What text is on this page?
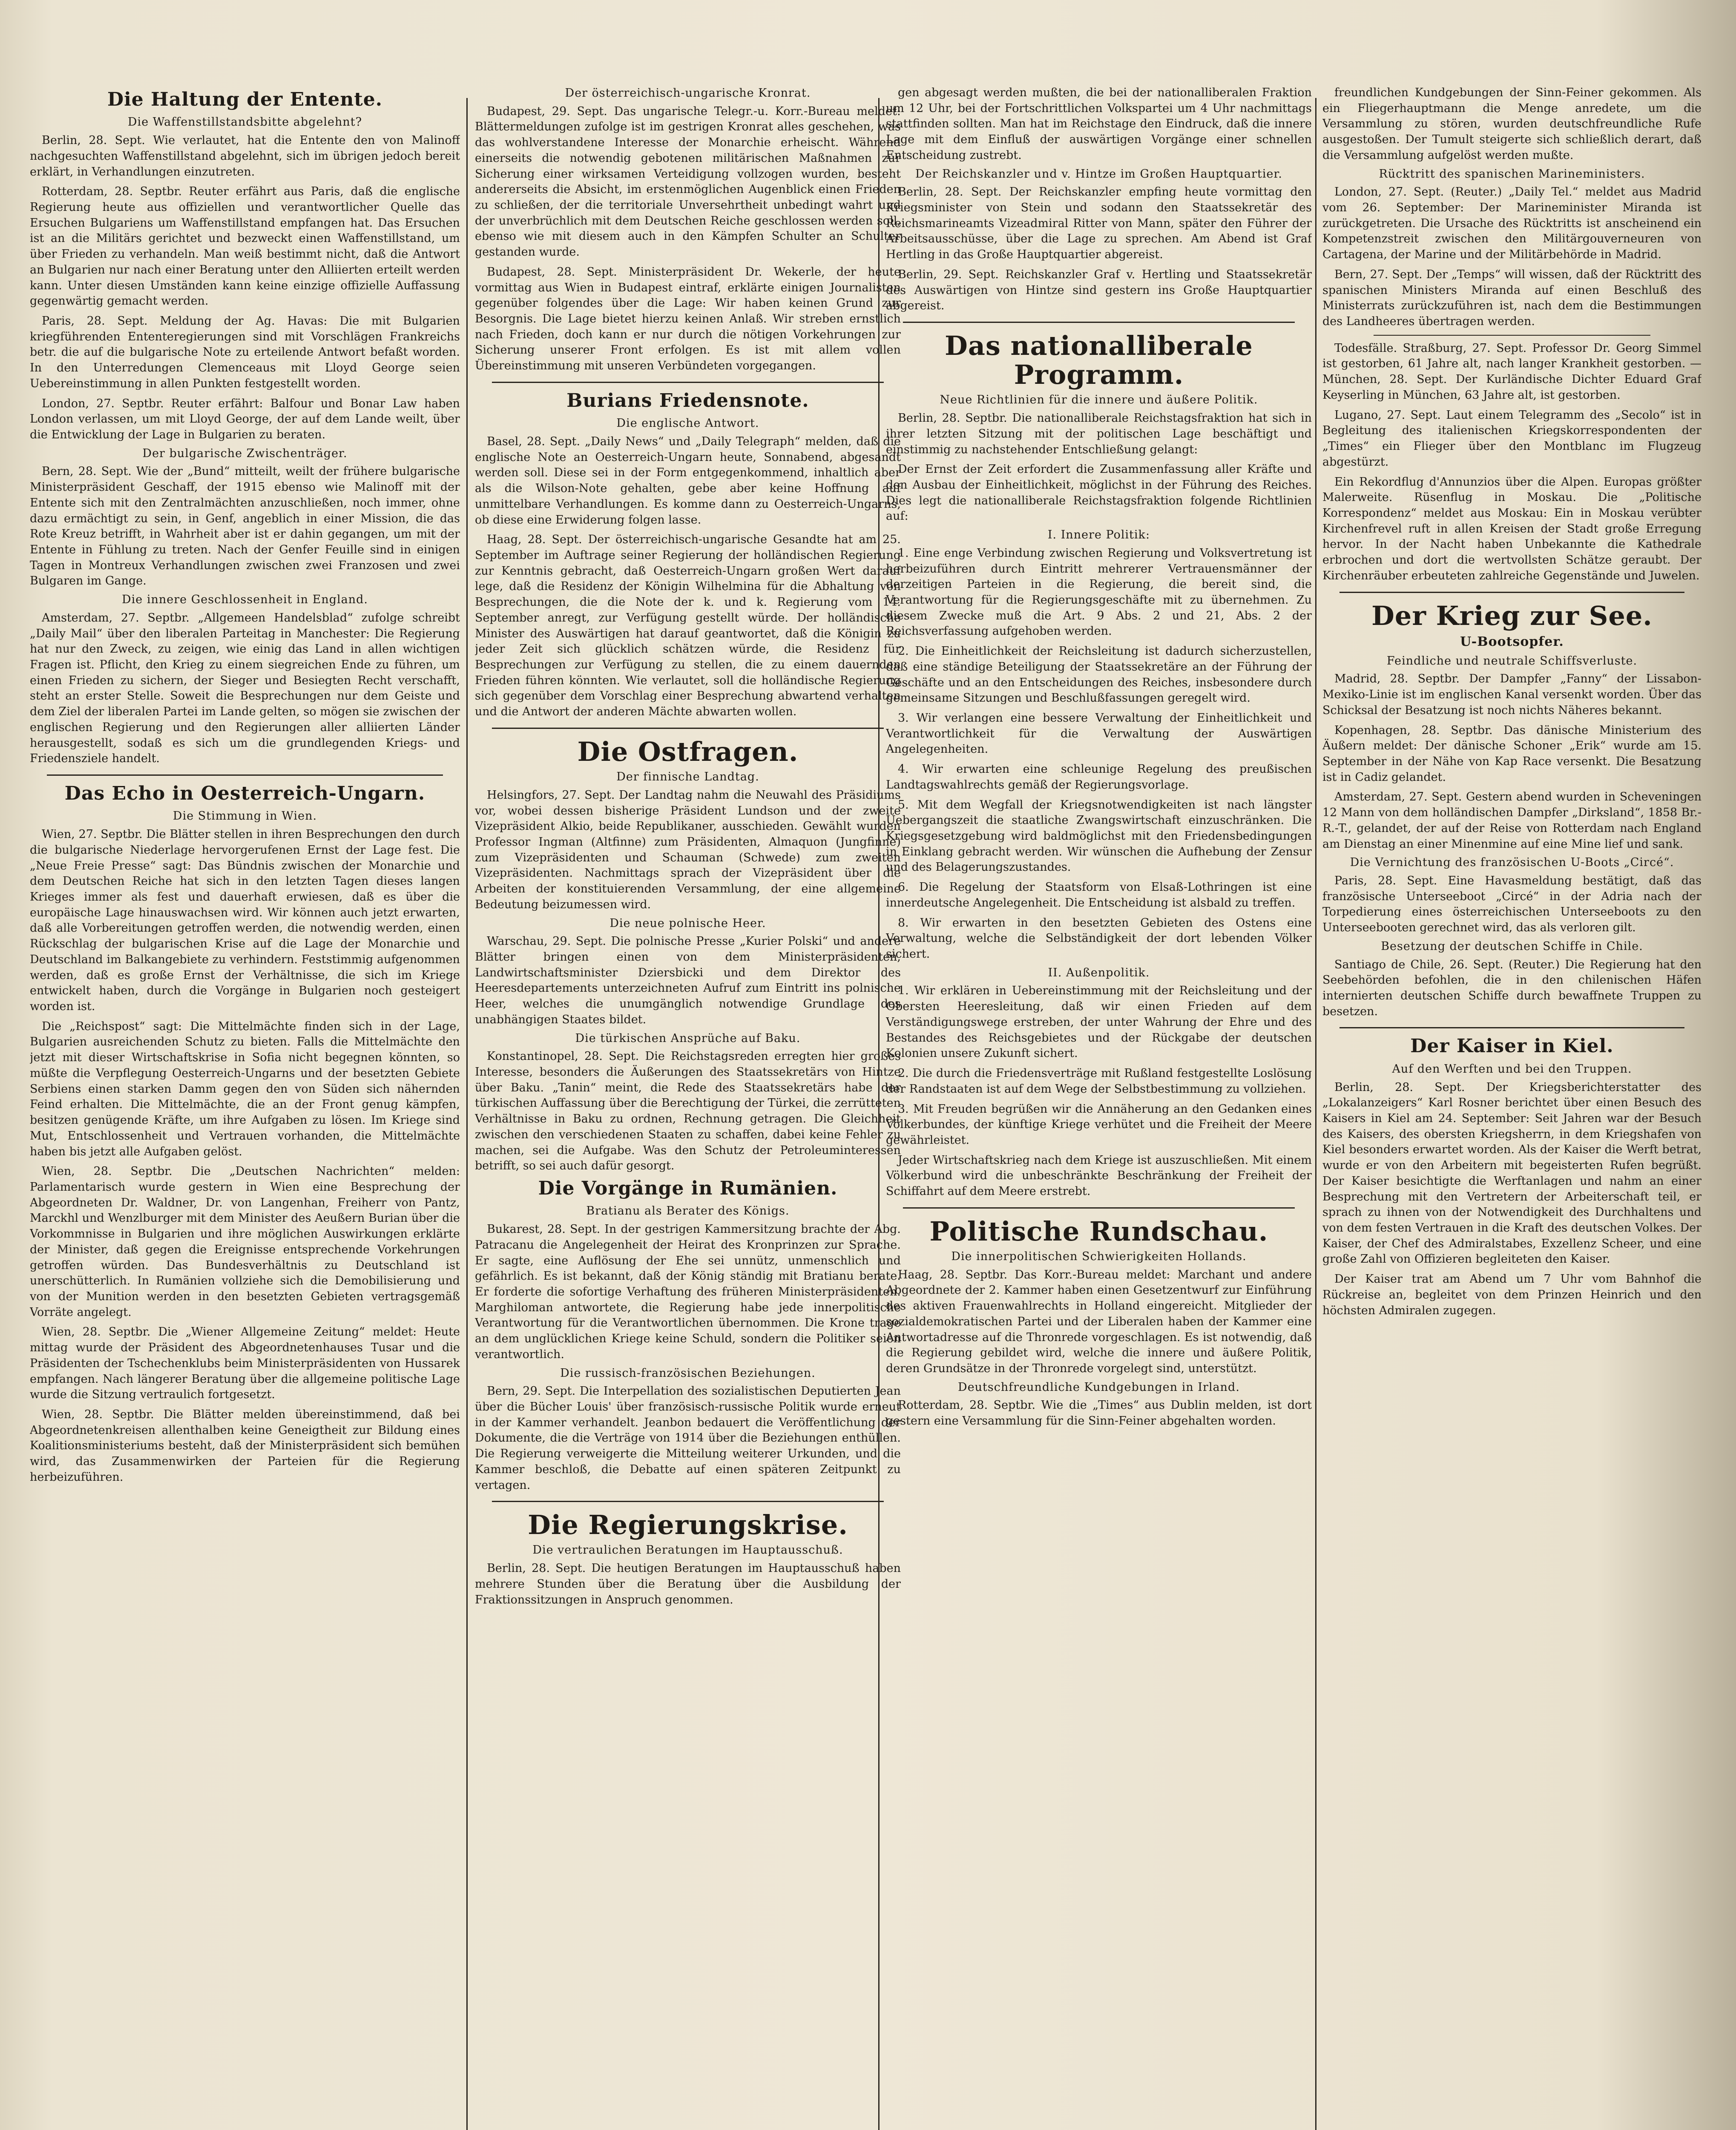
Die Haltung der Entente.
Die Waffenstillstandsbitte abgelehnt?

Berlin, 28. Sept. Wie verlautet, hat die Entente den von Malinoff nachgesuchten Waffenstillstand abgelehnt, sich im übrigen jedoch bereit erklärt, in Verhandlungen einzutreten.

Rotterdam, 28. Septbr. Reuter erfährt aus Paris, daß die englische Regierung heute aus offiziellen und verantwortlicher Quelle das Ersuchen Bulgariens um Waffenstillstand empfangen hat. Das Ersuchen ist an die Militärs gerichtet und bezweckt einen Waffenstillstand, um über Frieden zu verhandeln. Man weiß bestimmt nicht, daß die Antwort an Bulgarien nur nach einer Beratung unter den Alliierten erteilt werden kann. Unter diesen Umständen kann keine einzige offizielle Auffassung gegenwärtig gemacht werden.

Paris, 28. Sept. Meldung der Ag. Havas: Die mit Bulgarien kriegführenden Ententeregierungen sind mit Vorschlägen Frankreichs betr. die auf die bulgarische Note zu erteilende Antwort befaßt worden. In den Unterredungen Clemenceaus mit Lloyd George seien Uebereinstimmung in allen Punkten festgestellt worden.

London, 27. Septbr. Reuter erfährt: Balfour und Bonar Law haben London verlassen, um mit Lloyd George, der auf dem Lande weilt, über die Entwicklung der Lage in Bulgarien zu beraten.

Der bulgarische Zwischenträger.

Bern, 28. Sept. Wie der „Bund“ mitteilt, weilt der frühere bulgarische Ministerpräsident Geschaff, der 1915 ebenso wie Malinoff mit der Entente sich mit den Zentralmächten anzuschließen, noch immer, ohne dazu ermächtigt zu sein, in Genf, angeblich in einer Mission, die das Rote Kreuz betrifft, in Wahrheit aber ist er dahin gegangen, um mit der Entente in Fühlung zu treten. Nach der Genfer Feuille sind in einigen Tagen in Montreux Verhandlungen zwischen zwei Franzosen und zwei Bulgaren im Gange.

Die innere Geschlossenheit in England.

Amsterdam, 27. Septbr. „Allgemeen Handelsblad“ zufolge schreibt „Daily Mail“ über den liberalen Parteitag in Manchester: Die Regierung hat nur den Zweck, zu zeigen, wie einig das Land in allen wichtigen Fragen ist. Pflicht, den Krieg zu einem siegreichen Ende zu führen, um einen Frieden zu sichern, der Sieger und Besiegten Recht verschafft, steht an erster Stelle. Soweit die Besprechungen nur dem Geiste und dem Ziel der liberalen Partei im Lande gelten, so mögen sie zwischen der englischen Regierung und den Regierungen aller alliierten Länder herausgestellt, sodaß es sich um die grundlegenden Kriegs- und Friedensziele handelt.

Das Echo in Oesterreich-Ungarn.
Die Stimmung in Wien.

Wien, 27. Septbr. Die Blätter stellen in ihren Besprechungen den durch die bulgarische Niederlage hervorgerufenen Ernst der Lage fest. Die „Neue Freie Presse“ sagt: Das Bündnis zwischen der Monarchie und dem Deutschen Reiche hat sich in den letzten Tagen dieses langen Krieges immer als fest und dauerhaft erwiesen, daß es über die europäische Lage hinauswachsen wird. Wir können auch jetzt erwarten, daß alle Vorbereitungen getroffen werden, die notwendig werden, einen Rückschlag der bulgarischen Krise auf die Lage der Monarchie und Deutschland im Balkangebiete zu verhindern. Feststimmig aufgenommen werden, daß es große Ernst der Verhältnisse, die sich im Kriege entwickelt haben, durch die Vorgänge in Bulgarien noch gesteigert worden ist.

Die „Reichspost“ sagt: Die Mittelmächte finden sich in der Lage, Bulgarien ausreichenden Schutz zu bieten. Falls die Mittelmächte den jetzt mit dieser Wirtschaftskrise in Sofia nicht begegnen könnten, so müßte die Verpflegung Oesterreich-Ungarns und der besetzten Gebiete Serbiens einen starken Damm gegen den von Süden sich nähernden Feind erhalten. Die Mittelmächte, die an der Front genug kämpfen, besitzen genügende Kräfte, um ihre Aufgaben zu lösen. Im Kriege sind Mut, Entschlossenheit und Vertrauen vorhanden, die Mittelmächte haben bis jetzt alle Aufgaben gelöst.

Wien, 28. Septbr. Die „Deutschen Nachrichten“ melden: Parlamentarisch wurde gestern in Wien eine Besprechung der Abgeordneten Dr. Waldner, Dr. von Langenhan, Freiherr von Pantz, Marckhl und Wenzlburger mit dem Minister des Aeußern Burian über die Vorkommnisse in Bulgarien und ihre möglichen Auswirkungen erklärte der Minister, daß gegen die Ereignisse entsprechende Vorkehrungen getroffen würden. Das Bundesverhältnis zu Deutschland ist unerschütterlich. In Rumänien vollziehe sich die Demobilisierung und von der Munition werden in den besetzten Gebieten vertragsgemäß Vorräte angelegt.

Wien, 28. Septbr. Die „Wiener Allgemeine Zeitung“ meldet: Heute mittag wurde der Präsident des Abgeordnetenhauses Tusar und die Präsidenten der Tschechenklubs beim Ministerpräsidenten von Hussarek empfangen. Nach längerer Beratung über die allgemeine politische Lage wurde die Sitzung vertraulich fortgesetzt.

Wien, 28. Septbr. Die Blätter melden übereinstimmend, daß bei Abgeordnetenkreisen allenthalben keine Geneigtheit zur Bildung eines Koalitionsministeriums besteht, daß der Ministerpräsident sich bemühen wird, das Zusammenwirken der Parteien für die Regierung herbeizuführen.

Der österreichisch-ungarische Kronrat.

Budapest, 29. Sept. Das ungarische Telegr.-u. Korr.-Bureau meldet: Blättermeldungen zufolge ist im gestrigen Kronrat alles geschehen, was das wohlverstandene Interesse der Monarchie erheischt. Während einerseits die notwendig gebotenen militärischen Maßnahmen zur Sicherung einer wirksamen Verteidigung vollzogen wurden, besteht andererseits die Absicht, im erstenmöglichen Augenblick einen Frieden zu schließen, der die territoriale Unversehrtheit unbedingt wahrt und der unverbrüchlich mit dem Deutschen Reiche geschlossen werden soll, ebenso wie mit diesem auch in den Kämpfen Schulter an Schulter gestanden wurde.

Budapest, 28. Sept. Ministerpräsident Dr. Wekerle, der heute vormittag aus Wien in Budapest eintraf, erklärte einigen Journalisten gegenüber folgendes über die Lage: Wir haben keinen Grund zur Besorgnis. Die Lage bietet hierzu keinen Anlaß. Wir streben ernstlich nach Frieden, doch kann er nur durch die nötigen Vorkehrungen zur Sicherung unserer Front erfolgen. Es ist mit allem vollen Übereinstimmung mit unseren Verbündeten vorgegangen.

Burians Friedensnote.
Die englische Antwort.

Basel, 28. Sept. „Daily News“ und „Daily Telegraph“ melden, daß die englische Note an Oesterreich-Ungarn heute, Sonnabend, abgesandt werden soll. Diese sei in der Form entgegenkommend, inhaltlich aber als die Wilson-Note gehalten, gebe aber keine Hoffnung auf unmittelbare Verhandlungen. Es komme dann zu Oesterreich-Ungarns, ob diese eine Erwiderung folgen lasse.

Haag, 28. Sept. Der österreichisch-ungarische Gesandte hat am 25. September im Auftrage seiner Regierung der holländischen Regierung zur Kenntnis gebracht, daß Oesterreich-Ungarn großen Wert darauf lege, daß die Residenz der Königin Wilhelmina für die Abhaltung von Besprechungen, die die Note der k. und k. Regierung vom 14. September anregt, zur Verfügung gestellt würde. Der holländische Minister des Auswärtigen hat darauf geantwortet, daß die Königin zu jeder Zeit sich glücklich schätzen würde, die Residenz für Besprechungen zur Verfügung zu stellen, die zu einem dauernden Frieden führen könnten. Wie verlautet, soll die holländische Regierung sich gegenüber dem Vorschlag einer Besprechung abwartend verhalten und die Antwort der anderen Mächte abwarten wollen.

Die Ostfragen.
Der finnische Landtag.

Helsingfors, 27. Sept. Der Landtag nahm die Neuwahl des Präsidiums vor, wobei dessen bisherige Präsident Lundson und der zweite Vizepräsident Alkio, beide Republikaner, ausschieden. Gewählt wurden Professor Ingman (Altfinne) zum Präsidenten, Almaquon (Jungfinne) zum Vizepräsidenten und Schauman (Schwede) zum zweiten Vizepräsidenten. Nachmittags sprach der Vizepräsident über die Arbeiten der konstituierenden Versammlung, der eine allgemeine Bedeutung beizumessen wird.

Die neue polnische Heer.

Warschau, 29. Sept. Die polnische Presse „Kurier Polski“ und andere Blätter bringen einen von dem Ministerpräsidenten, Landwirtschaftsminister Dziersbicki und dem Direktor des Heeresdepartements unterzeichneten Aufruf zum Eintritt ins polnische Heer, welches die unumgänglich notwendige Grundlage des unabhängigen Staates bildet.

Die türkischen Ansprüche auf Baku.

Konstantinopel, 28. Sept. Die Reichstagsreden erregten hier großes Interesse, besonders die Äußerungen des Staatssekretärs von Hintze über Baku. „Tanin“ meint, die Rede des Staatssekretärs habe der türkischen Auffassung über die Berechtigung der Türkei, die zerrütteten Verhältnisse in Baku zu ordnen, Rechnung getragen. Die Gleichheit zwischen den verschiedenen Staaten zu schaffen, dabei keine Fehler zu machen, sei die Aufgabe. Was den Schutz der Petroleuminteressen betrifft, so sei auch dafür gesorgt.

Die Vorgänge in Rumänien.
Bratianu als Berater des Königs.

Bukarest, 28. Sept. In der gestrigen Kammersitzung brachte der Abg. Patracanu die Angelegenheit der Heirat des Kronprinzen zur Sprache. Er sagte, eine Auflösung der Ehe sei unnütz, unmenschlich und gefährlich. Es ist bekannt, daß der König ständig mit Bratianu berate. Er forderte die sofortige Verhaftung des früheren Ministerpräsidenten. Marghiloman antwortete, die Regierung habe jede innerpolitische Verantwortung für die Verantwortlichen übernommen. Die Krone trage an dem unglücklichen Kriege keine Schuld, sondern die Politiker seien verantwortlich.

Die russisch-französischen Beziehungen.

Bern, 29. Sept. Die Interpellation des sozialistischen Deputierten Jean über die Bücher Louis' über französisch-russische Politik wurde erneut in der Kammer verhandelt. Jeanbon bedauert die Veröffentlichung der Dokumente, die die Verträge von 1914 über die Beziehungen enthüllen. Die Regierung verweigerte die Mitteilung weiterer Urkunden, und die Kammer beschloß, die Debatte auf einen späteren Zeitpunkt zu vertagen.

Die Regierungskrise.
Die vertraulichen Beratungen im Hauptausschuß.

Berlin, 28. Sept. Die heutigen Beratungen im Hauptausschuß haben mehrere Stunden über die Beratung über die Ausbildung der Fraktionssitzungen in Anspruch genommen.

gen abgesagt werden mußten, die bei der nationalliberalen Fraktion um 12 Uhr, bei der Fortschrittlichen Volkspartei um 4 Uhr nachmittags stattfinden sollten. Man hat im Reichstage den Eindruck, daß die innere Lage mit dem Einfluß der auswärtigen Vorgänge einer schnellen Entscheidung zustrebt.

Der Reichskanzler und v. Hintze im Großen Hauptquartier.

Berlin, 28. Sept. Der Reichskanzler empfing heute vormittag den Kriegsminister von Stein und sodann den Staatssekretär des Reichsmarineamts Vizeadmiral Ritter von Mann, später den Führer der Arbeitsausschüsse, über die Lage zu sprechen. Am Abend ist Graf Hertling in das Große Hauptquartier abgereist.

Berlin, 29. Sept. Reichskanzler Graf v. Hertling und Staatssekretär des Auswärtigen von Hintze sind gestern ins Große Hauptquartier abgereist.

Das nationalliberale Programm.
Neue Richtlinien für die innere und äußere Politik.

Berlin, 28. Septbr. Die nationalliberale Reichstagsfraktion hat sich in ihrer letzten Sitzung mit der politischen Lage beschäftigt und einstimmig zu nachstehender Entschließung gelangt:

Der Ernst der Zeit erfordert die Zusammenfassung aller Kräfte und den Ausbau der Einheitlichkeit, möglichst in der Führung des Reiches. Dies legt die nationalliberale Reichstagsfraktion folgende Richtlinien auf:

I. Innere Politik:

1. Eine enge Verbindung zwischen Regierung und Volksvertretung ist herbeizuführen durch Eintritt mehrerer Vertrauensmänner der derzeitigen Parteien in die Regierung, die bereit sind, die Verantwortung für die Regierungsgeschäfte mit zu übernehmen. Zu diesem Zwecke muß die Art. 9 Abs. 2 und 21, Abs. 2 der Reichsverfassung aufgehoben werden.

2. Die Einheitlichkeit der Reichsleitung ist dadurch sicherzustellen, daß eine ständige Beteiligung der Staatssekretäre an der Führung der Geschäfte und an den Entscheidungen des Reiches, insbesondere durch gemeinsame Sitzungen und Beschlußfassungen geregelt wird.

3. Wir verlangen eine bessere Verwaltung der Einheitlichkeit und Verantwortlichkeit für die Verwaltung der Auswärtigen Angelegenheiten.

4. Wir erwarten eine schleunige Regelung des preußischen Landtagswahlrechts gemäß der Regierungsvorlage.

5. Mit dem Wegfall der Kriegsnotwendigkeiten ist nach längster Uebergangszeit die staatliche Zwangswirtschaft einzuschränken. Die Kriegsgesetzgebung wird baldmöglichst mit den Friedensbedingungen in Einklang gebracht werden. Wir wünschen die Aufhebung der Zensur und des Belagerungszustandes.

6. Die Regelung der Staatsform von Elsaß-Lothringen ist eine innerdeutsche Angelegenheit. Die Entscheidung ist alsbald zu treffen.

8. Wir erwarten in den besetzten Gebieten des Ostens eine Verwaltung, welche die Selbständigkeit der dort lebenden Völker sichert.

II. Außenpolitik.

1. Wir erklären in Uebereinstimmung mit der Reichsleitung und der Obersten Heeresleitung, daß wir einen Frieden auf dem Verständigungswege erstreben, der unter Wahrung der Ehre und des Bestandes des Reichsgebietes und der Rückgabe der deutschen Kolonien unsere Zukunft sichert.

2. Die durch die Friedensverträge mit Rußland festgestellte Loslösung der Randstaaten ist auf dem Wege der Selbstbestimmung zu vollziehen.

3. Mit Freuden begrüßen wir die Annäherung an den Gedanken eines Völkerbundes, der künftige Kriege verhütet und die Freiheit der Meere gewährleistet.

Jeder Wirtschaftskrieg nach dem Kriege ist auszuschließen. Mit einem Völkerbund wird die unbeschränkte Beschränkung der Freiheit der Schiffahrt auf dem Meere erstrebt.

Politische Rundschau.
Die innerpolitischen Schwierigkeiten Hollands.

Haag, 28. Septbr. Das Korr.-Bureau meldet: Marchant und andere Abgeordnete der 2. Kammer haben einen Gesetzentwurf zur Einführung des aktiven Frauenwahlrechts in Holland eingereicht. Mitglieder der sozialdemokratischen Partei und der Liberalen haben der Kammer eine Antwortadresse auf die Thronrede vorgeschlagen. Es ist notwendig, daß die Regierung gebildet wird, welche die innere und äußere Politik, deren Grundsätze in der Thronrede vorgelegt sind, unterstützt.

Deutschfreundliche Kundgebungen in Irland.

Rotterdam, 28. Septbr. Wie die „Times“ aus Dublin melden, ist dort gestern eine Versammlung für die Sinn-Feiner abgehalten worden.

freundlichen Kundgebungen der Sinn-Feiner gekommen. Als ein Fliegerhauptmann die Menge anredete, um die Versammlung zu stören, wurden deutschfreundliche Rufe ausgestoßen. Der Tumult steigerte sich schließlich derart, daß die Versammlung aufgelöst werden mußte.

Rücktritt des spanischen Marineministers.

London, 27. Sept. (Reuter.) „Daily Tel.“ meldet aus Madrid vom 26. September: Der Marineminister Miranda ist zurückgetreten. Die Ursache des Rücktritts ist anscheinend ein Kompetenzstreit zwischen den Militärgouverneuren von Cartagena, der Marine und der Militärbehörde in Madrid.

Bern, 27. Sept. Der „Temps“ will wissen, daß der Rücktritt des spanischen Ministers Miranda auf einen Beschluß des Ministerrats zurückzuführen ist, nach dem die Bestimmungen des Landheeres übertragen werden.

Todesfälle. Straßburg, 27. Sept. Professor Dr. Georg Simmel ist gestorben, 61 Jahre alt, nach langer Krankheit gestorben. — München, 28. Sept. Der Kurländische Dichter Eduard Graf Keyserling in München, 63 Jahre alt, ist gestorben.

Lugano, 27. Sept. Laut einem Telegramm des „Secolo“ ist in Begleitung des italienischen Kriegskorrespondenten der „Times“ ein Flieger über den Montblanc im Flugzeug abgestürzt.

Ein Rekordflug d'Annunzios über die Alpen. Europas größter Malerweite. Rüsenflug in Moskau. Die „Politische Korrespondenz“ meldet aus Moskau: Ein in Moskau verübter Kirchenfrevel ruft in allen Kreisen der Stadt große Erregung hervor. In der Nacht haben Unbekannte die Kathedrale erbrochen und dort die wertvollsten Schätze geraubt. Der Kirchenräuber erbeuteten zahlreiche Gegenstände und Juwelen.

Der Krieg zur See.
U-Bootsopfer.
Feindliche und neutrale Schiffsverluste.

Madrid, 28. Septbr. Der Dampfer „Fanny“ der Lissabon-Mexiko-Linie ist im englischen Kanal versenkt worden. Über das Schicksal der Besatzung ist noch nichts Näheres bekannt.

Kopenhagen, 28. Septbr. Das dänische Ministerium des Äußern meldet: Der dänische Schoner „Erik“ wurde am 15. September in der Nähe von Kap Race versenkt. Die Besatzung ist in Cadiz gelandet.

Amsterdam, 27. Sept. Gestern abend wurden in Scheveningen 12 Mann von dem holländischen Dampfer „Dirksland“, 1858 Br.-R.-T., gelandet, der auf der Reise von Rotterdam nach England am Dienstag an einer Minenmine auf eine Mine lief und sank.

Die Vernichtung des französischen U-Boots „Circé“.

Paris, 28. Sept. Eine Havasmeldung bestätigt, daß das französische Unterseeboot „Circé“ in der Adria nach der Torpedierung eines österreichischen Unterseeboots zu den Unterseebooten gerechnet wird, das als verloren gilt.

Besetzung der deutschen Schiffe in Chile.

Santiago de Chile, 26. Sept. (Reuter.) Die Regierung hat den Seebehörden befohlen, die in den chilenischen Häfen internierten deutschen Schiffe durch bewaffnete Truppen zu besetzen.

Der Kaiser in Kiel.
Auf den Werften und bei den Truppen.

Berlin, 28. Sept. Der Kriegsberichterstatter des „Lokalanzeigers“ Karl Rosner berichtet über einen Besuch des Kaisers in Kiel am 24. September: Seit Jahren war der Besuch des Kaisers, des obersten Kriegsherrn, in dem Kriegshafen von Kiel besonders erwartet worden. Als der Kaiser die Werft betrat, wurde er von den Arbeitern mit begeisterten Rufen begrüßt. Der Kaiser besichtigte die Werftanlagen und nahm an einer Besprechung mit den Vertretern der Arbeiterschaft teil, er sprach zu ihnen von der Notwendigkeit des Durchhaltens und von dem festen Vertrauen in die Kraft des deutschen Volkes. Der Kaiser, der Chef des Admiralstabes, Exzellenz Scheer, und eine große Zahl von Offizieren begleiteten den Kaiser.

Der Kaiser trat am Abend um 7 Uhr vom Bahnhof die Rückreise an, begleitet von dem Prinzen Heinrich und den höchsten Admiralen zugegen.
